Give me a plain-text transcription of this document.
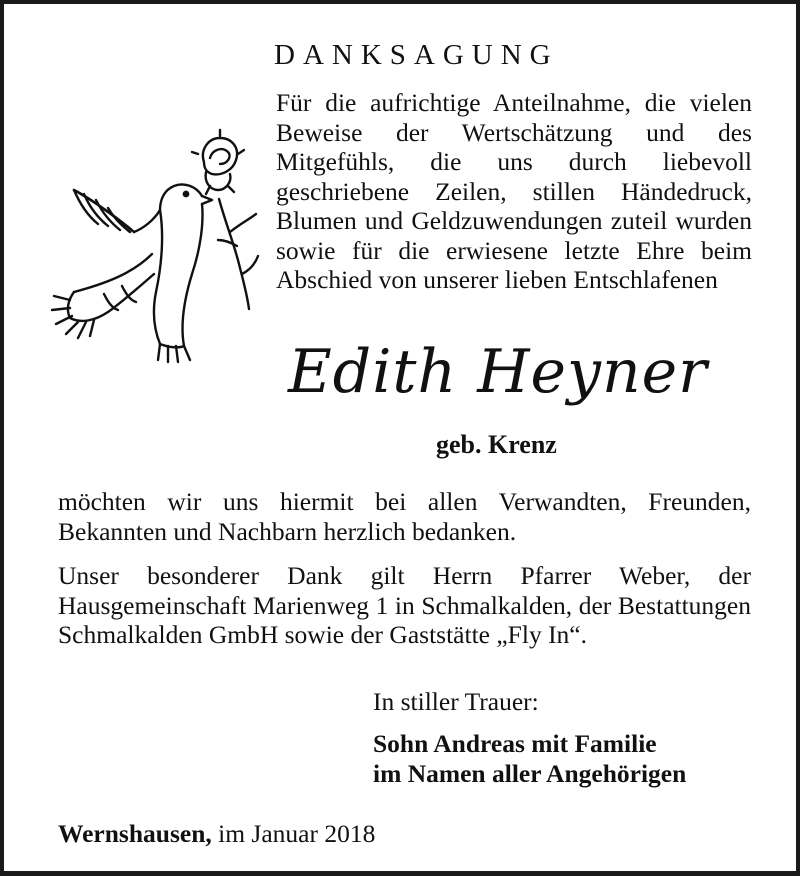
DANKSAGUNG

Für die aufrichtige Anteilnahme, die vielen Beweise der Wertschätzung und des Mitgefühls, die uns durch liebevoll geschriebene Zeilen, stillen Händedruck, Blumen und Geldzuwendungen zuteil wurden sowie für die erwiesene letzte Ehre beim Abschied von unserer lieben Entschlafenen

Edith Heyner

geb. Krenz

möchten wir uns hiermit bei allen Verwandten, Freunden, Bekannten und Nachbarn herzlich bedanken.

Unser besonderer Dank gilt Herrn Pfarrer Weber, der Hausgemeinschaft Marienweg 1 in Schmalkalden, der Bestattungen Schmalkalden GmbH sowie der Gaststätte „Fly In“.

In stiller Trauer:

Sohn Andreas mit Familie
im Namen aller Angehörigen

Wernshausen, im Januar 2018
